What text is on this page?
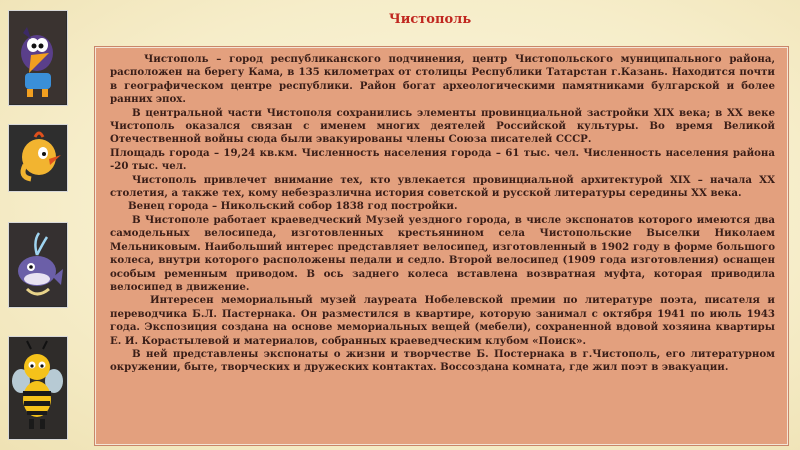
Чистополь

Чистополь – город республиканского подчинения, центр Чистопольского муниципального района, расположен на берегу Кама, в 135 километрах от столицы Республики Татарстан г.Казань. Находится почти в географическом центре республики. Район богат археологическими памятниками булгарской и более ранних эпох.

В центральной части Чистополя сохранились элементы провинциальной застройки XIX века; в XX веке Чистополь оказался связан с именем многих деятелей Российской культуры. Во время Великой Отечественной войны сюда были эвакуированы члены Союза писателей СССР.

Площадь города – 19,24 кв.км. Численность населения города – 61 тыс. чел. Численность населения района -20 тыс. чел.

Чистополь привлечет внимание тех, кто увлекается провинциальной архитектурой XIX – начала XX столетия, а также тех, кому небезразлична история советской и русской литературы середины XX века.

Венец города – Никольский собор 1838 год постройки.

В Чистополе работает краеведческий Музей уездного города, в числе экспонатов которого имеются два самодельных велосипеда, изготовленных крестьянином села Чистопольские Выселки Николаем Мельниковым. Наибольший интерес представляет велосипед, изготовленный в 1902 году в форме большого колеса, внутри которого расположены педали и седло. Второй велосипед (1909 года изготовления) оснащен особым ременным приводом. В ось заднего колеса вставлена возвратная муфта, которая приводила велосипед в движение.

Интересен мемориальный музей лауреата Нобелевской премии по литературе поэта, писателя и переводчика Б.Л. Пастернака. Он разместился в квартире, которую занимал с октября 1941 по июль 1943 года. Экспозиция создана на основе мемориальных вещей (мебели), сохраненной вдовой хозяина квартиры Е. И. Корастылевой и материалов, собранных краеведческим клубом «Поиск».

В ней представлены экспонаты о жизни и творчестве Б. Постернака в г.Чистополь, его литературном окружении, быте, творческих и дружеских контактах. Воссоздана комната, где жил поэт в эвакуации.
